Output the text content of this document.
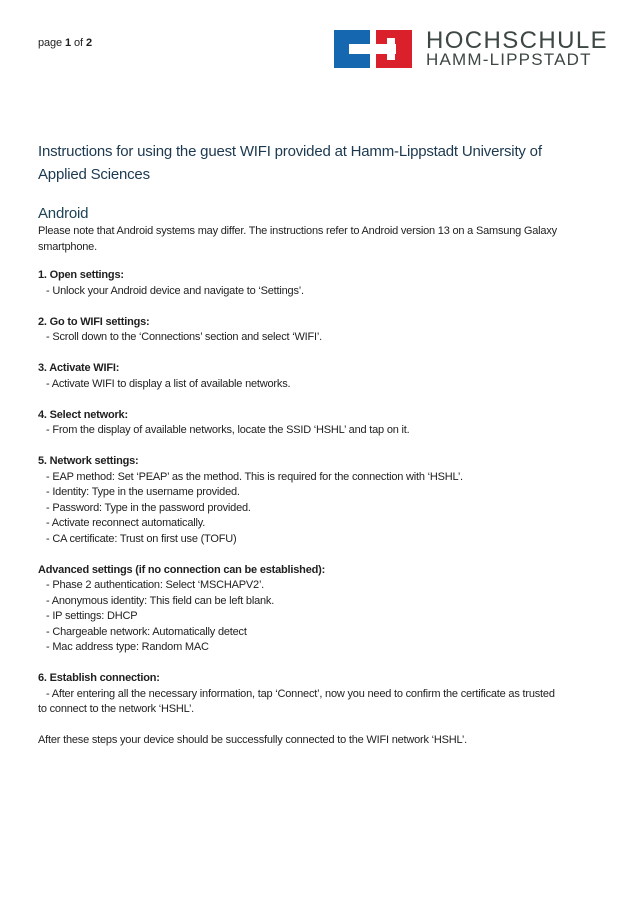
page 1 of 2	HOCHSCHULE
HAMM-LIPPSTADT
Instructions for using the guest WIFI provided at Hamm-Lippstadt University of
Applied Sciences
Android

Please note that Android systems may differ. The instructions refer to Android version 13 on a Samsung Galaxy

smartphone.

1. Open settings:

- Unlock your Android device and navigate to ‘Settings’.

2. Go to WIFI settings:

- Scroll down to the ‘Connections’ section and select ‘WIFI’.

3. Activate WIFI:

- Activate WIFI to display a list of available networks.

4. Select network:

- From the display of available networks, locate the SSID ‘HSHL’ and tap on it.

5. Network settings:

- EAP method: Set ‘PEAP’ as the method. This is required for the connection with ‘HSHL’.

- Identity: Type in the username provided.

- Password: Type in the password provided.

- Activate reconnect automatically.

- CA certificate: Trust on first use (TOFU)

Advanced settings (if no connection can be established):

- Phase 2 authentication: Select ‘MSCHAPV2’.

- Anonymous identity: This field can be left blank.

- IP settings: DHCP

- Chargeable network: Automatically detect

- Mac address type: Random MAC

6. Establish connection:

- After entering all the necessary information, tap ‘Connect’, now you need to confirm the certificate as trusted

to connect to the network ‘HSHL’.

After these steps your device should be successfully connected to the WIFI network ‘HSHL’.
